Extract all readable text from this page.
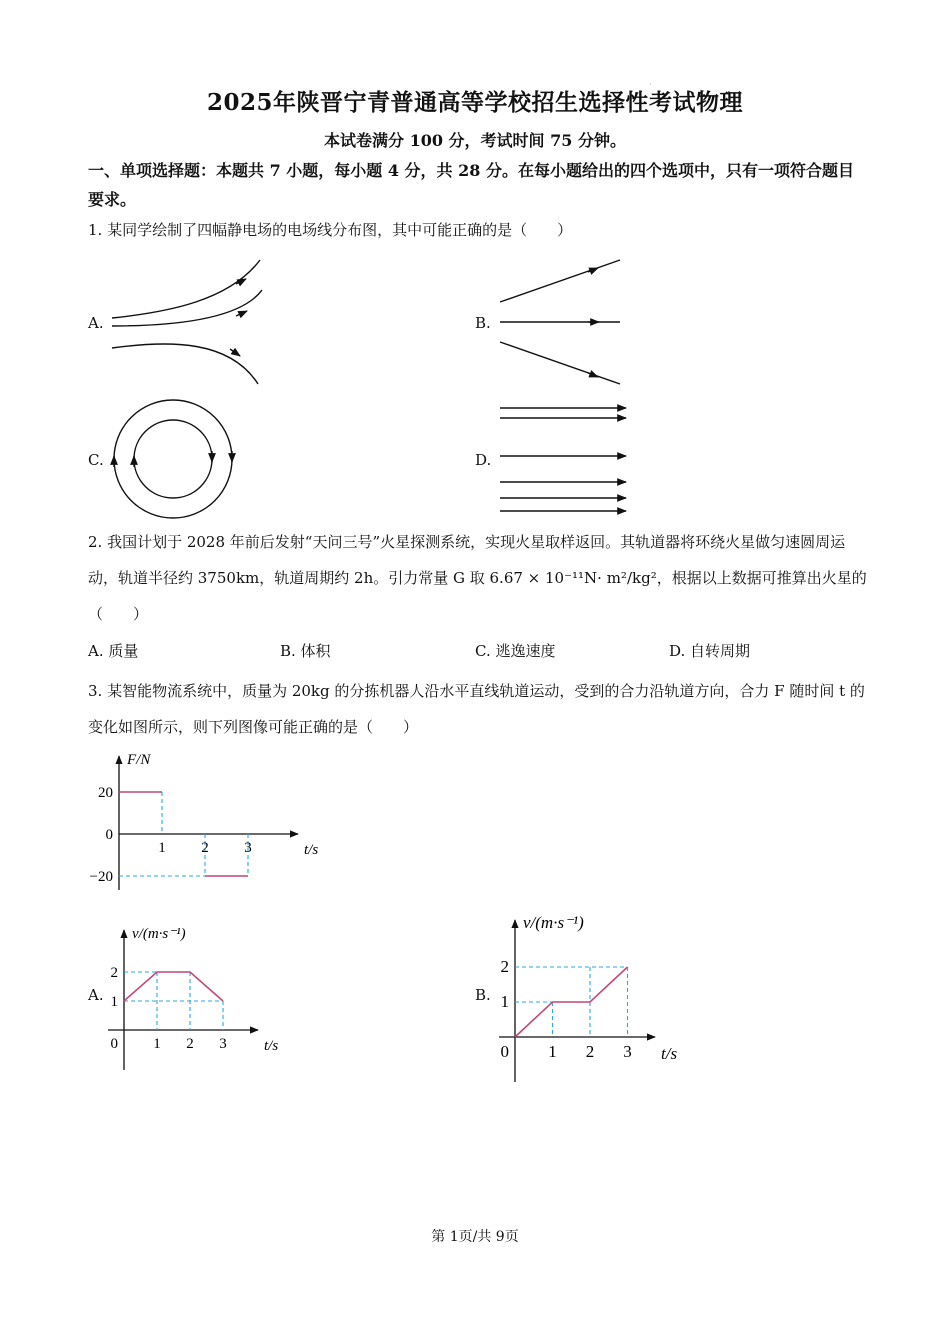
·
2025年陕晋宁青普通高等学校招生选择性考试物理
本试卷满分 100 分，考试时间 75 分钟。
一、单项选择题：本题共 7 小题，每小题 4 分，共 28 分。在每小题给出的四个选项中，只有一项符合题目要求。
1. 某同学绘制了四幅静电场的电场线分布图，其中可能正确的是（　　）
A.	B.
C.	D.
2. 我国计划于 2028 年前后发射“天问三号”火星探测系统，实现火星取样返回。其轨道器将环绕火星做匀速圆周运动，轨道半径约 3750km，轨道周期约 2h。引力常量 G 取 6.67 × 10⁻¹¹N· m²/kg²，根据以上数据可推算出火星的（　　）
A. 质量	B. 体积	C. 逃逸速度	D. 自转周期
3. 某智能物流系统中，质量为 20kg 的分拣机器人沿水平直线轨道运动，受到的合力沿轨道方向，合力 F 随时间 t 的变化如图所示，则下列图像可能正确的是（　　）
A.	B.
1 2 3
20
−20
0
t/s
F/N
1 2 3
1
2
0	t/s
v/(m·s⁻¹)
1 2 3
1
2
0	t/s
v/(m·s⁻¹)
第 1页/共 9页
